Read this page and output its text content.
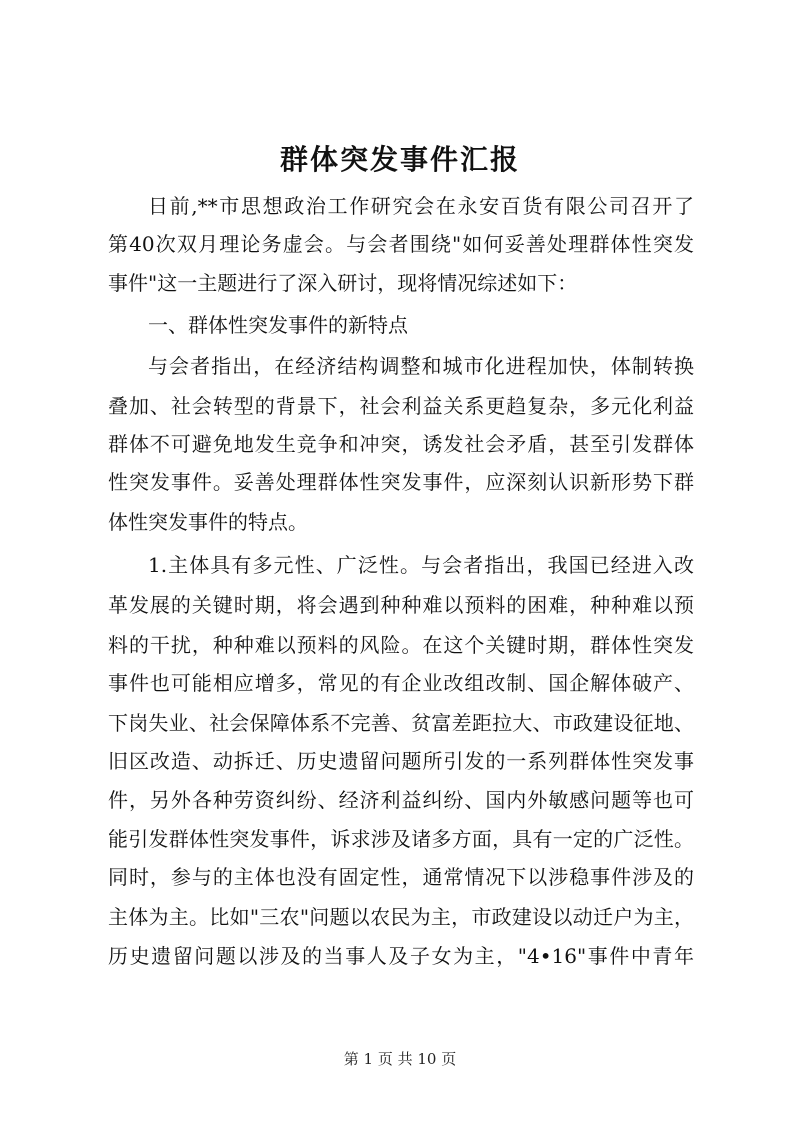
群体突发事件汇报
日前,**市思想政治工作研究会在永安百货有限公司召开了
第40次双月理论务虚会。与会者围绕"如何妥善处理群体性突发
事件"这一主题进行了深入研讨，现将情况综述如下：
一、群体性突发事件的新特点
与会者指出，在经济结构调整和城市化进程加快，体制转换
叠加、社会转型的背景下，社会利益关系更趋复杂，多元化利益
群体不可避免地发生竞争和冲突，诱发社会矛盾，甚至引发群体
性突发事件。妥善处理群体性突发事件，应深刻认识新形势下群
体性突发事件的特点。
1.主体具有多元性、广泛性。与会者指出，我国已经进入改
革发展的关键时期，将会遇到种种难以预料的困难，种种难以预
料的干扰，种种难以预料的风险。在这个关键时期，群体性突发
事件也可能相应增多，常见的有企业改组改制、国企解体破产、
下岗失业、社会保障体系不完善、贫富差距拉大、市政建设征地、
旧区改造、动拆迁、历史遗留问题所引发的一系列群体性突发事
件，另外各种劳资纠纷、经济利益纠纷、国内外敏感问题等也可
能引发群体性突发事件，诉求涉及诸多方面，具有一定的广泛性。
同时，参与的主体也没有固定性，通常情况下以涉稳事件涉及的
主体为主。比如"三农"问题以农民为主，市政建设以动迁户为主，
历史遗留问题以涉及的当事人及子女为主，"4•16"事件中青年
第 1 页 共 10 页
